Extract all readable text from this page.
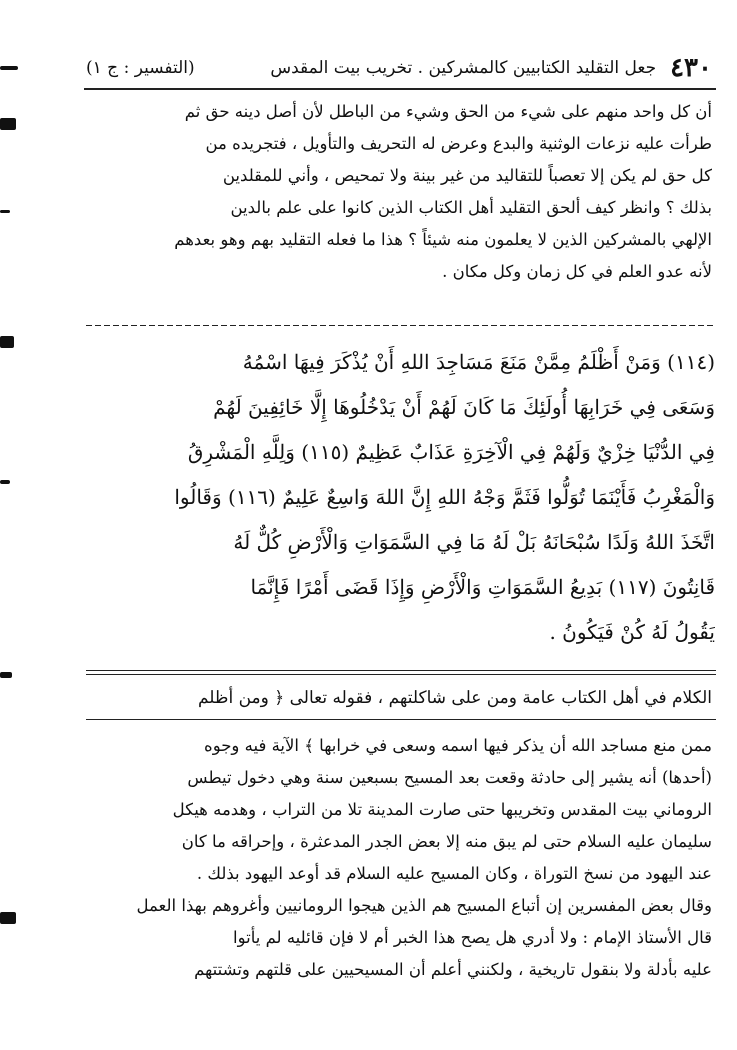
٤٣٠
جعل التقليد الكتابيين كالمشركين . تخريب بيت المقدس
(التفسير : ج ١)
أن كل واحد منهم على شيء من الحق وشيء من الباطل لأن أصل دينه حق ثم
طرأت عليه نزعات الوثنية والبدع وعرض له التحريف والتأويل ، فتجريده من
كل حق لم يكن إلا تعصباً للتقاليد من غير بينة ولا تمحيص ، وأني للمقلدين
بذلك ؟ وانظر كيف ألحق التقليد أهل الكتاب الذين كانوا على علم بالدين
الإلهي بالمشركين الذين لا يعلمون منه شيئاً ؟ هذا ما فعله التقليد بهم وهو بعدهم
لأنه عدو العلم في كل زمان وكل مكان .
(١١٤) وَمَنْ أَظْلَمُ مِمَّنْ مَنَعَ مَسَاجِدَ اللهِ أَنْ يُذْكَرَ فِيهَا اسْمُهُ
وَسَعَى فِي خَرَابِهَا أُولَئِكَ مَا كَانَ لَهُمْ أَنْ يَدْخُلُوهَا إِلَّا خَائِفِينَ لَهُمْ
فِي الدُّنْيَا خِزْيٌ وَلَهُمْ فِي الْآخِرَةِ عَذَابٌ عَظِيمٌ (١١٥) وَلِلَّهِ الْمَشْرِقُ
وَالْمَغْرِبُ فَأَيْنَمَا تُوَلُّوا فَثَمَّ وَجْهُ اللهِ إِنَّ اللهَ وَاسِعٌ عَلِيمٌ (١١٦) وَقَالُوا
اتَّخَذَ اللهُ وَلَدًا سُبْحَانَهُ بَلْ لَهُ مَا فِي السَّمَوَاتِ وَالْأَرْضِ كُلٌّ لَهُ
قَانِتُونَ (١١٧) بَدِيعُ السَّمَوَاتِ وَالْأَرْضِ وَإِذَا قَضَى أَمْرًا فَإِنَّمَا
يَقُولُ لَهُ كُنْ فَيَكُونُ .
الكلام في أهل الكتاب عامة ومن على شاكلتهم ، فقوله تعالى ﴿ ومن أظلم
ممن منع مساجد الله أن يذكر فيها اسمه وسعى في خرابها ﴾ الآية فيه وجوه
(أحدها) أنه يشير إلى حادثة وقعت بعد المسيح بسبعين سنة وهي دخول تيطس
الروماني بيت المقدس وتخريبها حتى صارت المدينة تلا من التراب ، وهدمه هيكل
سليمان عليه السلام حتى لم يبق منه إلا بعض الجدر المدعثرة ، وإحراقه ما كان
عند اليهود من نسخ التوراة ، وكان المسيح عليه السلام قد أوعد اليهود بذلك .
وقال بعض المفسرين إن أتباع المسيح هم الذين هيجوا الرومانيين وأغروهم بهذا العمل
قال الأستاذ الإمام : ولا أدري هل يصح هذا الخبر أم لا فإن قائليه لم يأتوا
عليه بأدلة ولا بنقول تاريخية ، ولكنني أعلم أن المسيحيين على قلتهم وتشتتهم
